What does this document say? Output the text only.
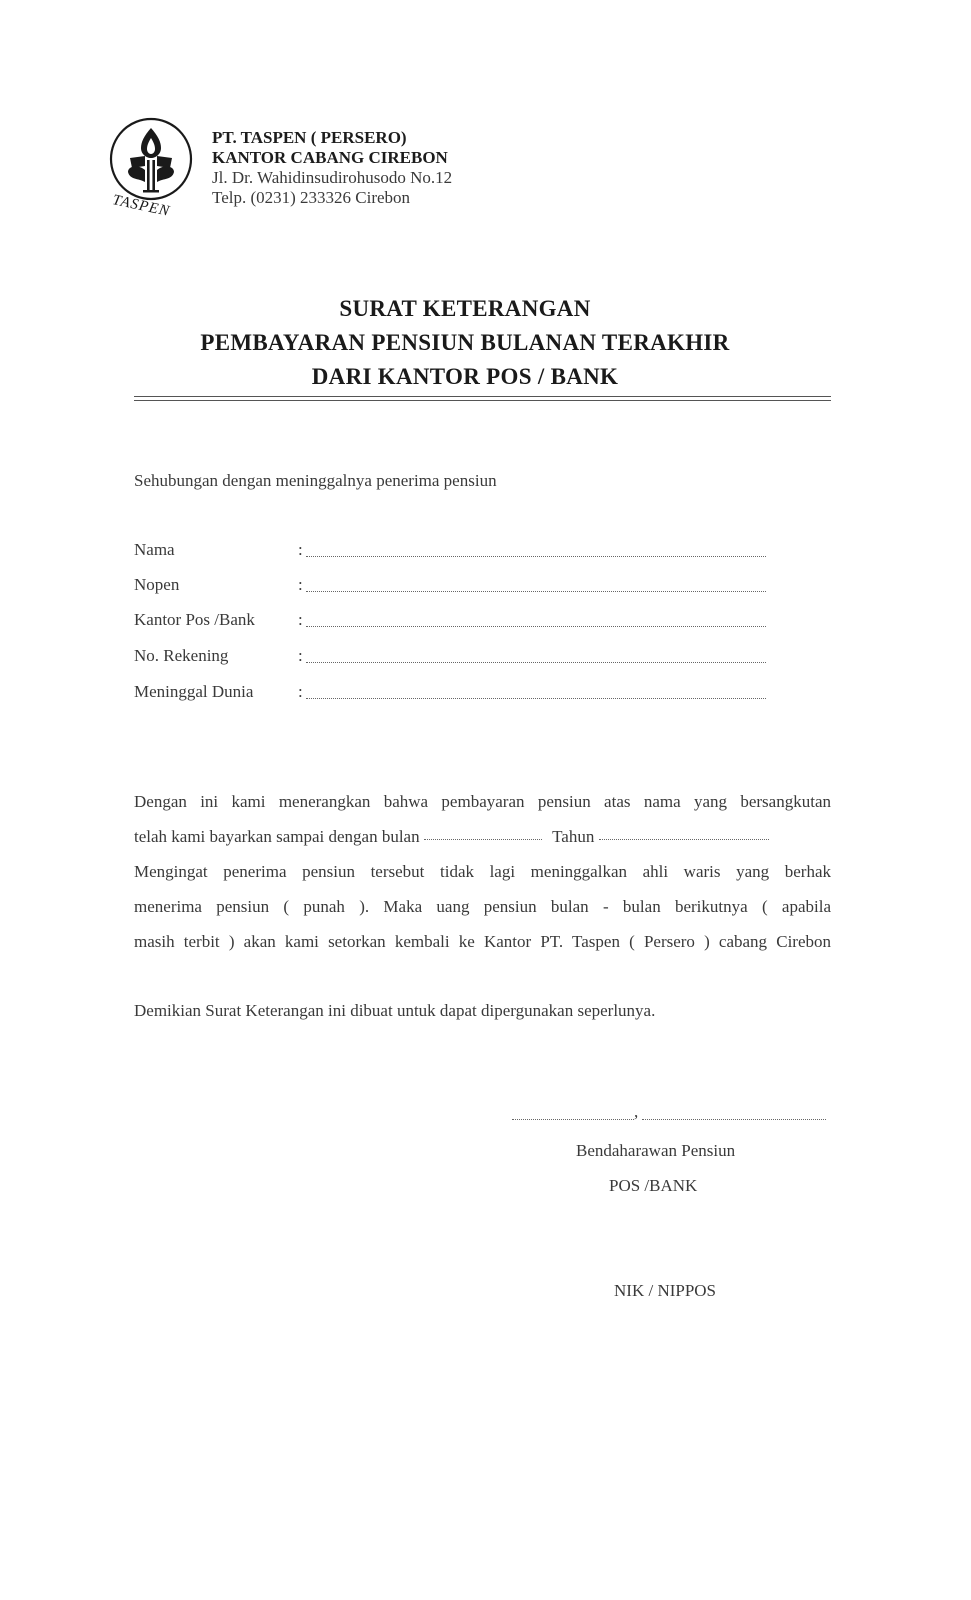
TASPEN
PT. TASPEN ( PERSERO)
KANTOR CABANG CIREBON
Jl. Dr. Wahidinsudirohusodo No.12
Telp. (0231) 233326 Cirebon
SURAT KETERANGAN
PEMBAYARAN PENSIUN BULANAN TERAKHIR
DARI KANTOR POS / BANK
Sehubungan dengan meninggalnya penerima pensiun
Nama	:
Nopen	:
Kantor Pos /Bank	:
No. Rekening	:
Meninggal Dunia	:
Dengan ini kami menerangkan bahwa pembayaran pensiun atas nama yang bersangkutan
telah kami bayarkan sampai dengan bulan	Tahun
Mengingat penerima pensiun tersebut tidak lagi meninggalkan ahli waris yang berhak
menerima pensiun ( punah ). Maka uang pensiun bulan - bulan berikutnya ( apabila
masih terbit ) akan kami setorkan kembali ke Kantor PT. Taspen ( Persero ) cabang Cirebon
Demikian Surat Keterangan ini dibuat untuk dapat dipergunakan seperlunya.
,
Bendaharawan Pensiun
POS /BANK
NIK / NIPPOS
